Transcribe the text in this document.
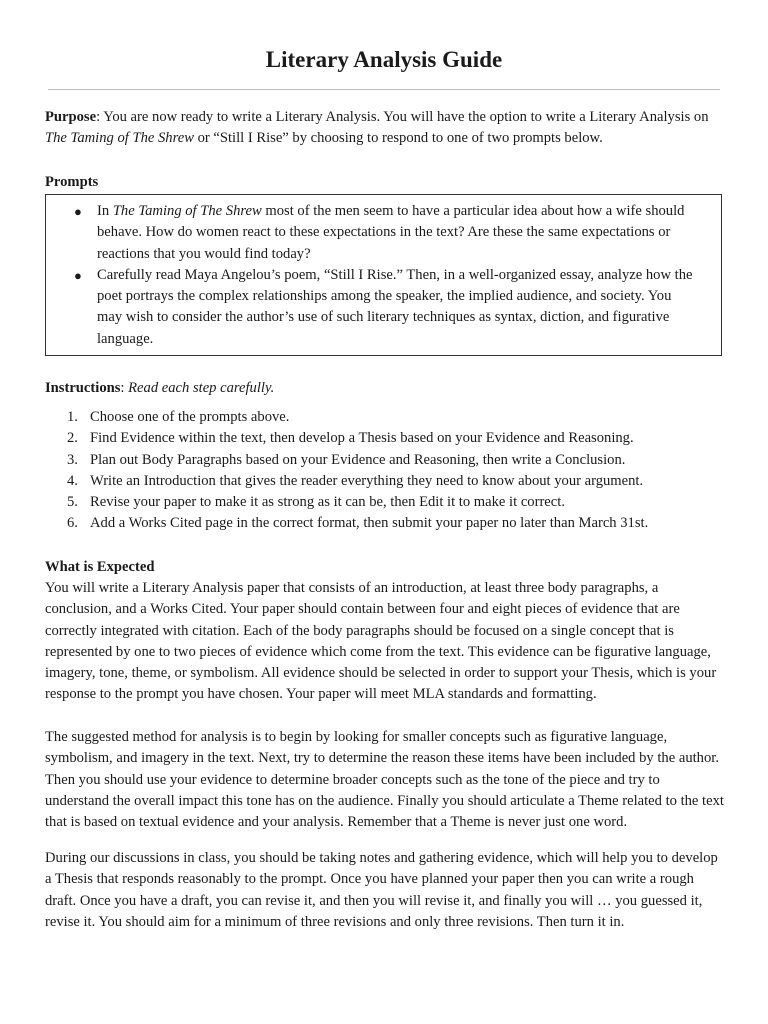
Literary Analysis Guide
Purpose: You are now ready to write a Literary Analysis. You will have the option to write a Literary Analysis on The Taming of The Shrew or “Still I Rise” by choosing to respond to one of two prompts below.
Prompts
● In The Taming of The Shrew most of the men seem to have a particular idea about how a wife should behave. How do women react to these expectations in the text? Are these the same expectations or reactions that you would find today?
● Carefully read Maya Angelou’s poem, “Still I Rise.” Then, in a well-organized essay, analyze how the poet portrays the complex relationships among the speaker, the implied audience, and society. You may wish to consider the author’s use of such literary techniques as syntax, diction, and figurative language.
Instructions: Read each step carefully.
1. Choose one of the prompts above.
2. Find Evidence within the text, then develop a Thesis based on your Evidence and Reasoning.
3. Plan out Body Paragraphs based on your Evidence and Reasoning, then write a Conclusion.
4. Write an Introduction that gives the reader everything they need to know about your argument.
5. Revise your paper to make it as strong as it can be, then Edit it to make it correct.
6. Add a Works Cited page in the correct format, then submit your paper no later than March 31st.
What is Expected
You will write a Literary Analysis paper that consists of an introduction, at least three body paragraphs, a conclusion, and a Works Cited. Your paper should contain between four and eight pieces of evidence that are correctly integrated with citation. Each of the body paragraphs should be focused on a single concept that is represented by one to two pieces of evidence which come from the text. This evidence can be figurative language, imagery, tone, theme, or symbolism. All evidence should be selected in order to support your Thesis, which is your response to the prompt you have chosen. Your paper will meet MLA standards and formatting.
The suggested method for analysis is to begin by looking for smaller concepts such as figurative language, symbolism, and imagery in the text. Next, try to determine the reason these items have been included by the author. Then you should use your evidence to determine broader concepts such as the tone of the piece and try to understand the overall impact this tone has on the audience. Finally you should articulate a Theme related to the text that is based on textual evidence and your analysis. Remember that a Theme is never just one word.
During our discussions in class, you should be taking notes and gathering evidence, which will help you to develop a Thesis that responds reasonably to the prompt. Once you have planned your paper then you can write a rough draft. Once you have a draft, you can revise it, and then you will revise it, and finally you will … you guessed it, revise it. You should aim for a minimum of three revisions and only three revisions. Then turn it in.
